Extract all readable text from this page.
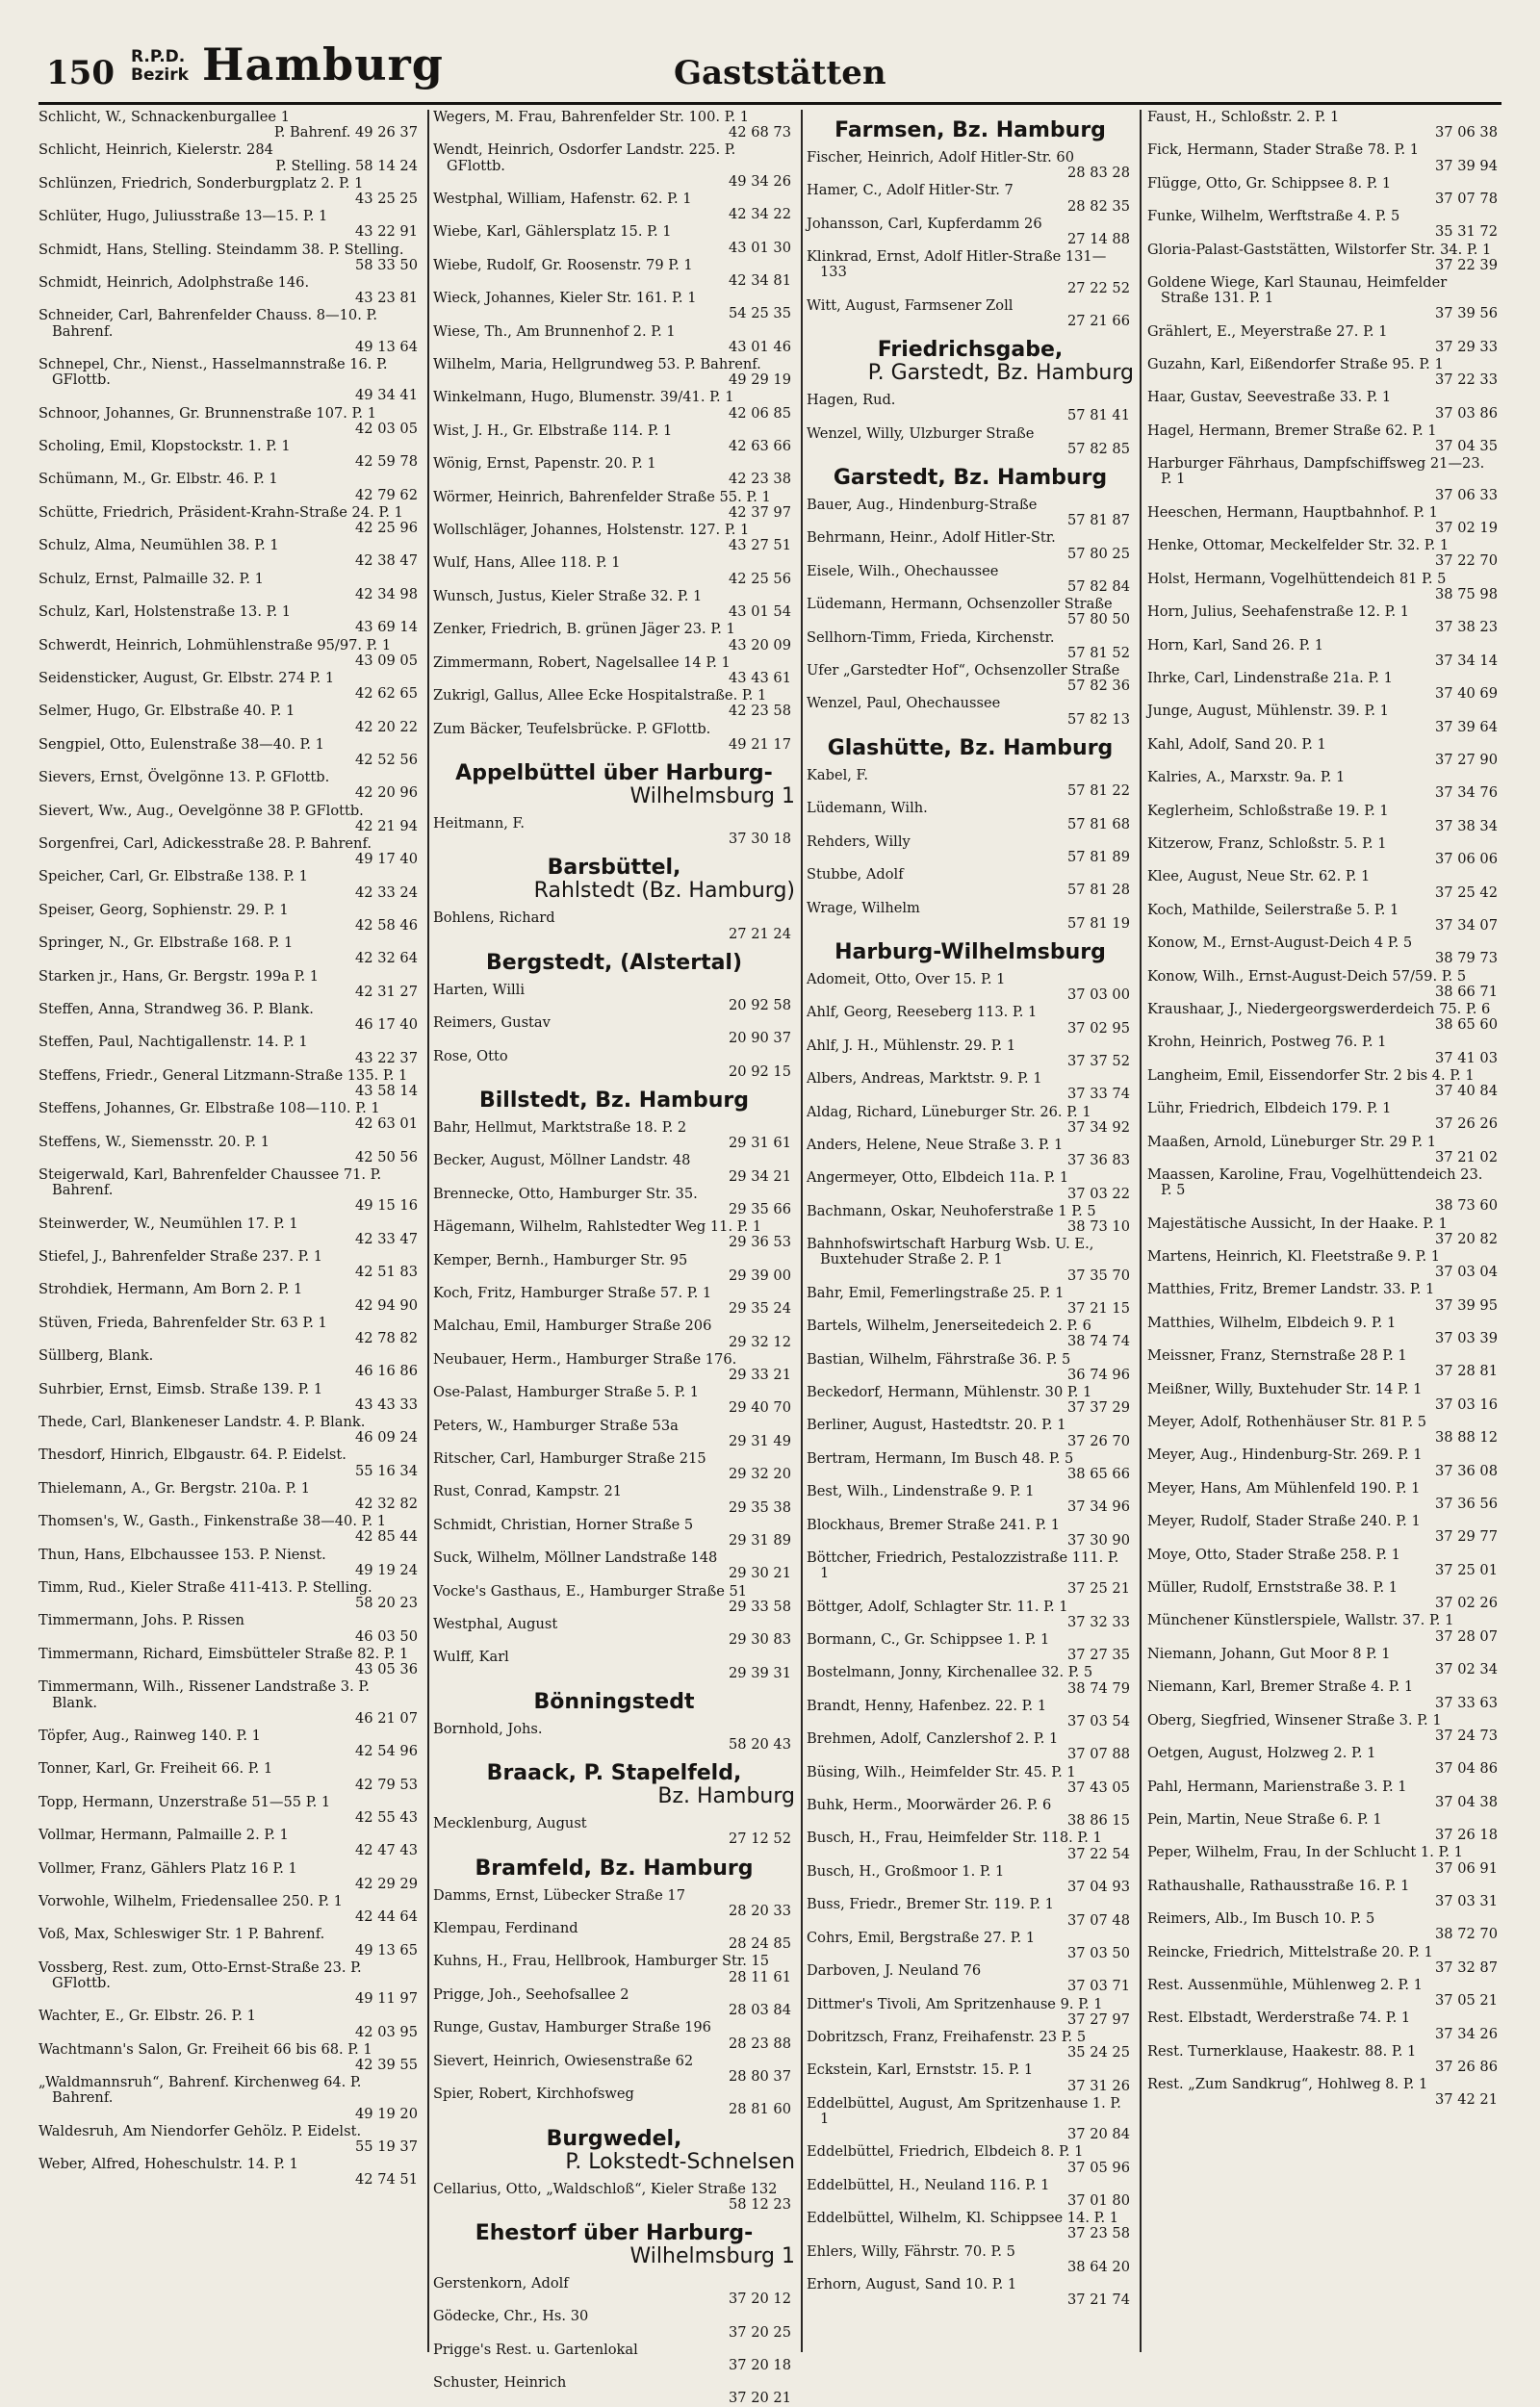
150 R.P.D.
Bezirk Hamburg	Gaststätten
Schlicht, W., Schnackenburgallee 1
P. Bahrenf. 49 26 37
Schlicht, Heinrich, Kielerstr. 284
P. Stelling. 58 14 24
Schlünzen, Friedrich, Sonderburgplatz 2. P. 1
43 25 25
Schlüter, Hugo, Juliusstraße 13—15. P. 1
43 22 91
Schmidt, Hans, Stelling. Steindamm 38. P. Stelling.
58 33 50
Schmidt, Heinrich, Adolphstraße 146.
43 23 81
Schneider, Carl, Bahrenfelder Chauss. 8—10. P. Bahrenf.
49 13 64
Schnepel, Chr., Nienst., Hasselmannstraße 16. P. GFlottb.
49 34 41
Schnoor, Johannes, Gr. Brunnenstraße 107. P. 1
42 03 05
Scholing, Emil, Klopstockstr. 1. P. 1
42 59 78
Schümann, M., Gr. Elbstr. 46. P. 1
42 79 62
Schütte, Friedrich, Präsident-Krahn-Straße 24. P. 1
42 25 96
Schulz, Alma, Neumühlen 38. P. 1
42 38 47
Schulz, Ernst, Palmaille 32. P. 1
42 34 98
Schulz, Karl, Holstenstraße 13. P. 1
43 69 14
Schwerdt, Heinrich, Lohmühlenstraße 95/97. P. 1
43 09 05
Seidensticker, August, Gr. Elbstr. 274 P. 1
42 62 65
Selmer, Hugo, Gr. Elbstraße 40. P. 1
42 20 22
Sengpiel, Otto, Eulenstraße 38—40. P. 1
42 52 56
Sievers, Ernst, Övelgönne 13. P. GFlottb.
42 20 96
Sievert, Ww., Aug., Oevelgönne 38 P. GFlottb.
42 21 94
Sorgenfrei, Carl, Adickesstraße 28. P. Bahrenf.
49 17 40
Speicher, Carl, Gr. Elbstraße 138. P. 1
42 33 24
Speiser, Georg, Sophienstr. 29. P. 1
42 58 46
Springer, N., Gr. Elbstraße 168. P. 1
42 32 64
Starken jr., Hans, Gr. Bergstr. 199a P. 1
42 31 27
Steffen, Anna, Strandweg 36. P. Blank.
46 17 40
Steffen, Paul, Nachtigallenstr. 14. P. 1
43 22 37
Steffens, Friedr., General Litzmann-Straße 135. P. 1
43 58 14
Steffens, Johannes, Gr. Elbstraße 108—110. P. 1
42 63 01
Steffens, W., Siemensstr. 20. P. 1
42 50 56
Steigerwald, Karl, Bahrenfelder Chaussee 71. P. Bahrenf.
49 15 16
Steinwerder, W., Neumühlen 17. P. 1
42 33 47
Stiefel, J., Bahrenfelder Straße 237. P. 1
42 51 83
Strohdiek, Hermann, Am Born 2. P. 1
42 94 90
Stüven, Frieda, Bahrenfelder Str. 63 P. 1
42 78 82
Süllberg, Blank.
46 16 86
Suhrbier, Ernst, Eimsb. Straße 139. P. 1
43 43 33
Thede, Carl, Blankeneser Landstr. 4. P. Blank.
46 09 24
Thesdorf, Hinrich, Elbgaustr. 64. P. Eidelst.
55 16 34
Thielemann, A., Gr. Bergstr. 210a. P. 1
42 32 82
Thomsen's, W., Gasth., Finkenstraße 38—40. P. 1
42 85 44
Thun, Hans, Elbchaussee 153. P. Nienst.
49 19 24
Timm, Rud., Kieler Straße 411-413. P. Stelling.
58 20 23
Timmermann, Johs. P. Rissen
46 03 50
Timmermann, Richard, Eimsbütteler Straße 82. P. 1
43 05 36
Timmermann, Wilh., Rissener Landstraße 3. P. Blank.
46 21 07
Töpfer, Aug., Rainweg 140. P. 1
42 54 96
Tonner, Karl, Gr. Freiheit 66. P. 1
42 79 53
Topp, Hermann, Unzerstraße 51—55 P. 1
42 55 43
Vollmar, Hermann, Palmaille 2. P. 1
42 47 43
Vollmer, Franz, Gählers Platz 16 P. 1
42 29 29
Vorwohle, Wilhelm, Friedensallee 250. P. 1
42 44 64
Voß, Max, Schleswiger Str. 1 P. Bahrenf.
49 13 65
Vossberg, Rest. zum, Otto-Ernst-Straße 23. P. GFlottb.
49 11 97
Wachter, E., Gr. Elbstr. 26. P. 1
42 03 95
Wachtmann's Salon, Gr. Freiheit 66 bis 68. P. 1
42 39 55
„Waldmannsruh“, Bahrenf. Kirchenweg 64. P. Bahrenf.
49 19 20
Waldesruh, Am Niendorfer Gehölz. P. Eidelst.
55 19 37
Weber, Alfred, Hoheschulstr. 14. P. 1
42 74 51
Wegers, M. Frau, Bahrenfelder Str. 100. P. 1
42 68 73
Wendt, Heinrich, Osdorfer Landstr. 225. P. GFlottb.
49 34 26
Westphal, William, Hafenstr. 62. P. 1
42 34 22
Wiebe, Karl, Gählersplatz 15. P. 1
43 01 30
Wiebe, Rudolf, Gr. Roosenstr. 79 P. 1
42 34 81
Wieck, Johannes, Kieler Str. 161. P. 1
54 25 35
Wiese, Th., Am Brunnenhof 2. P. 1
43 01 46
Wilhelm, Maria, Hellgrundweg 53. P. Bahrenf.
49 29 19
Winkelmann, Hugo, Blumenstr. 39/41. P. 1
42 06 85
Wist, J. H., Gr. Elbstraße 114. P. 1
42 63 66
Wönig, Ernst, Papenstr. 20. P. 1
42 23 38
Wörmer, Heinrich, Bahrenfelder Straße 55. P. 1
42 37 97
Wollschläger, Johannes, Holstenstr. 127. P. 1
43 27 51
Wulf, Hans, Allee 118. P. 1
42 25 56
Wunsch, Justus, Kieler Straße 32. P. 1
43 01 54
Zenker, Friedrich, B. grünen Jäger 23. P. 1
43 20 09
Zimmermann, Robert, Nagelsallee 14 P. 1
43 43 61
Zukrigl, Gallus, Allee Ecke Hospitalstraße. P. 1
42 23 58
Zum Bäcker, Teufelsbrücke. P. GFlottb.
49 21 17
Appelbüttel über Harburg-
Wilhelmsburg 1
Heitmann, F.
37 30 18
Barsbüttel,
Rahlstedt (Bz. Hamburg)
Bohlens, Richard
27 21 24
Bergstedt, (Alstertal)
Harten, Willi
20 92 58
Reimers, Gustav
20 90 37
Rose, Otto
20 92 15
Billstedt, Bz. Hamburg
Bahr, Hellmut, Marktstraße 18. P. 2
29 31 61
Becker, August, Möllner Landstr. 48
29 34 21
Brennecke, Otto, Hamburger Str. 35.
29 35 66
Hägemann, Wilhelm, Rahlstedter Weg 11. P. 1
29 36 53
Kemper, Bernh., Hamburger Str. 95
29 39 00
Koch, Fritz, Hamburger Straße 57. P. 1
29 35 24
Malchau, Emil, Hamburger Straße 206
29 32 12
Neubauer, Herm., Hamburger Straße 176.
29 33 21
Ose-Palast, Hamburger Straße 5. P. 1
29 40 70
Peters, W., Hamburger Straße 53a
29 31 49
Ritscher, Carl, Hamburger Straße 215
29 32 20
Rust, Conrad, Kampstr. 21
29 35 38
Schmidt, Christian, Horner Straße 5
29 31 89
Suck, Wilhelm, Möllner Landstraße 148
29 30 21
Vocke's Gasthaus, E., Hamburger Straße 51
29 33 58
Westphal, August
29 30 83
Wulff, Karl
29 39 31
Bönningstedt
Bornhold, Johs.
58 20 43
Braack, P. Stapelfeld,
Bz. Hamburg
Mecklenburg, August
27 12 52
Bramfeld, Bz. Hamburg
Damms, Ernst, Lübecker Straße 17
28 20 33
Klempau, Ferdinand
28 24 85
Kuhns, H., Frau, Hellbrook, Hamburger Str. 15
28 11 61
Prigge, Joh., Seehofsallee 2
28 03 84
Runge, Gustav, Hamburger Straße 196
28 23 88
Sievert, Heinrich, Owiesenstraße 62
28 80 37
Spier, Robert, Kirchhofsweg
28 81 60
Burgwedel,
P. Lokstedt-Schnelsen
Cellarius, Otto, „Waldschloß“, Kieler Straße 132
58 12 23
Ehestorf über Harburg-
Wilhelmsburg 1
Gerstenkorn, Adolf
37 20 12
Gödecke, Chr., Hs. 30
37 20 25
Prigge's Rest. u. Gartenlokal
37 20 18
Schuster, Heinrich
37 20 21
Farmsen, Bz. Hamburg
Fischer, Heinrich, Adolf Hitler-Str. 60
28 83 28
Hamer, C., Adolf Hitler-Str. 7
28 82 35
Johansson, Carl, Kupferdamm 26
27 14 88
Klinkrad, Ernst, Adolf Hitler-Straße 131—133
27 22 52
Witt, August, Farmsener Zoll
27 21 66
Friedrichsgabe,
P. Garstedt, Bz. Hamburg
Hagen, Rud.
57 81 41
Wenzel, Willy, Ulzburger Straße
57 82 85
Garstedt, Bz. Hamburg
Bauer, Aug., Hindenburg-Straße
57 81 87
Behrmann, Heinr., Adolf Hitler-Str.
57 80 25
Eisele, Wilh., Ohechaussee
57 82 84
Lüdemann, Hermann, Ochsenzoller Straße
57 80 50
Sellhorn-Timm, Frieda, Kirchenstr.
57 81 52
Ufer „Garstedter Hof“, Ochsenzoller Straße
57 82 36
Wenzel, Paul, Ohechaussee
57 82 13
Glashütte, Bz. Hamburg
Kabel, F.
57 81 22
Lüdemann, Wilh.
57 81 68
Rehders, Willy
57 81 89
Stubbe, Adolf
57 81 28
Wrage, Wilhelm
57 81 19
Harburg-Wilhelmsburg
Adomeit, Otto, Over 15. P. 1
37 03 00
Ahlf, Georg, Reeseberg 113. P. 1
37 02 95
Ahlf, J. H., Mühlenstr. 29. P. 1
37 37 52
Albers, Andreas, Marktstr. 9. P. 1
37 33 74
Aldag, Richard, Lüneburger Str. 26. P. 1
37 34 92
Anders, Helene, Neue Straße 3. P. 1
37 36 83
Angermeyer, Otto, Elbdeich 11a. P. 1
37 03 22
Bachmann, Oskar, Neuhoferstraße 1 P. 5
38 73 10
Bahnhofswirtschaft Harburg Wsb. U. E., Buxtehuder Straße 2. P. 1
37 35 70
Bahr, Emil, Femerlingstraße 25. P. 1
37 21 15
Bartels, Wilhelm, Jenerseitedeich 2. P. 6
38 74 74
Bastian, Wilhelm, Fährstraße 36. P. 5
36 74 96
Beckedorf, Hermann, Mühlenstr. 30 P. 1
37 37 29
Berliner, August, Hastedtstr. 20. P. 1
37 26 70
Bertram, Hermann, Im Busch 48. P. 5
38 65 66
Best, Wilh., Lindenstraße 9. P. 1
37 34 96
Blockhaus, Bremer Straße 241. P. 1
37 30 90
Böttcher, Friedrich, Pestalozzistraße 111. P. 1
37 25 21
Böttger, Adolf, Schlagter Str. 11. P. 1
37 32 33
Bormann, C., Gr. Schippsee 1. P. 1
37 27 35
Bostelmann, Jonny, Kirchenallee 32. P. 5
38 74 79
Brandt, Henny, Hafenbez. 22. P. 1
37 03 54
Brehmen, Adolf, Canzlershof 2. P. 1
37 07 88
Büsing, Wilh., Heimfelder Str. 45. P. 1
37 43 05
Buhk, Herm., Moorwärder 26. P. 6
38 86 15
Busch, H., Frau, Heimfelder Str. 118. P. 1
37 22 54
Busch, H., Großmoor 1. P. 1
37 04 93
Buss, Friedr., Bremer Str. 119. P. 1
37 07 48
Cohrs, Emil, Bergstraße 27. P. 1
37 03 50
Darboven, J. Neuland 76
37 03 71
Dittmer's Tivoli, Am Spritzenhause 9. P. 1
37 27 97
Dobritzsch, Franz, Freihafenstr. 23 P. 5
35 24 25
Eckstein, Karl, Ernststr. 15. P. 1
37 31 26
Eddelbüttel, August, Am Spritzenhause 1. P. 1
37 20 84
Eddelbüttel, Friedrich, Elbdeich 8. P. 1
37 05 96
Eddelbüttel, H., Neuland 116. P. 1
37 01 80
Eddelbüttel, Wilhelm, Kl. Schippsee 14. P. 1
37 23 58
Ehlers, Willy, Fährstr. 70. P. 5
38 64 20
Erhorn, August, Sand 10. P. 1
37 21 74
Faust, H., Schloßstr. 2. P. 1
37 06 38
Fick, Hermann, Stader Straße 78. P. 1
37 39 94
Flügge, Otto, Gr. Schippsee 8. P. 1
37 07 78
Funke, Wilhelm, Werftstraße 4. P. 5
35 31 72
Gloria-Palast-Gaststätten, Wilstorfer Str. 34. P. 1
37 22 39
Goldene Wiege, Karl Staunau, Heimfelder Straße 131. P. 1
37 39 56
Grählert, E., Meyerstraße 27. P. 1
37 29 33
Guzahn, Karl, Eißendorfer Straße 95. P. 1
37 22 33
Haar, Gustav, Seevestraße 33. P. 1
37 03 86
Hagel, Hermann, Bremer Straße 62. P. 1
37 04 35
Harburger Fährhaus, Dampfschiffsweg 21—23. P. 1
37 06 33
Heeschen, Hermann, Hauptbahnhof. P. 1
37 02 19
Henke, Ottomar, Meckelfelder Str. 32. P. 1
37 22 70
Holst, Hermann, Vogelhüttendeich 81 P. 5
38 75 98
Horn, Julius, Seehafenstraße 12. P. 1
37 38 23
Horn, Karl, Sand 26. P. 1
37 34 14
Ihrke, Carl, Lindenstraße 21a. P. 1
37 40 69
Junge, August, Mühlenstr. 39. P. 1
37 39 64
Kahl, Adolf, Sand 20. P. 1
37 27 90
Kalries, A., Marxstr. 9a. P. 1
37 34 76
Keglerheim, Schloßstraße 19. P. 1
37 38 34
Kitzerow, Franz, Schloßstr. 5. P. 1
37 06 06
Klee, August, Neue Str. 62. P. 1
37 25 42
Koch, Mathilde, Seilerstraße 5. P. 1
37 34 07
Konow, M., Ernst-August-Deich 4 P. 5
38 79 73
Konow, Wilh., Ernst-August-Deich 57/59. P. 5
38 66 71
Kraushaar, J., Niedergeorgswerderdeich 75. P. 6
38 65 60
Krohn, Heinrich, Postweg 76. P. 1
37 41 03
Langheim, Emil, Eissendorfer Str. 2 bis 4. P. 1
37 40 84
Lühr, Friedrich, Elbdeich 179. P. 1
37 26 26
Maaßen, Arnold, Lüneburger Str. 29 P. 1
37 21 02
Maassen, Karoline, Frau, Vogelhüttendeich 23. P. 5
38 73 60
Majestätische Aussicht, In der Haake. P. 1
37 20 82
Martens, Heinrich, Kl. Fleetstraße 9. P. 1
37 03 04
Matthies, Fritz, Bremer Landstr. 33. P. 1
37 39 95
Matthies, Wilhelm, Elbdeich 9. P. 1
37 03 39
Meissner, Franz, Sternstraße 28 P. 1
37 28 81
Meißner, Willy, Buxtehuder Str. 14 P. 1
37 03 16
Meyer, Adolf, Rothenhäuser Str. 81 P. 5
38 88 12
Meyer, Aug., Hindenburg-Str. 269. P. 1
37 36 08
Meyer, Hans, Am Mühlenfeld 190. P. 1
37 36 56
Meyer, Rudolf, Stader Straße 240. P. 1
37 29 77
Moye, Otto, Stader Straße 258. P. 1
37 25 01
Müller, Rudolf, Ernststraße 38. P. 1
37 02 26
Münchener Künstlerspiele, Wallstr. 37. P. 1
37 28 07
Niemann, Johann, Gut Moor 8 P. 1
37 02 34
Niemann, Karl, Bremer Straße 4. P. 1
37 33 63
Oberg, Siegfried, Winsener Straße 3. P. 1
37 24 73
Oetgen, August, Holzweg 2. P. 1
37 04 86
Pahl, Hermann, Marienstraße 3. P. 1
37 04 38
Pein, Martin, Neue Straße 6. P. 1
37 26 18
Peper, Wilhelm, Frau, In der Schlucht 1. P. 1
37 06 91
Rathaushalle, Rathausstraße 16. P. 1
37 03 31
Reimers, Alb., Im Busch 10. P. 5
38 72 70
Reincke, Friedrich, Mittelstraße 20. P. 1
37 32 87
Rest. Aussenmühle, Mühlenweg 2. P. 1
37 05 21
Rest. Elbstadt, Werderstraße 74. P. 1
37 34 26
Rest. Turnerklause, Haakestr. 88. P. 1
37 26 86
Rest. „Zum Sandkrug“, Hohlweg 8. P. 1
37 42 21
